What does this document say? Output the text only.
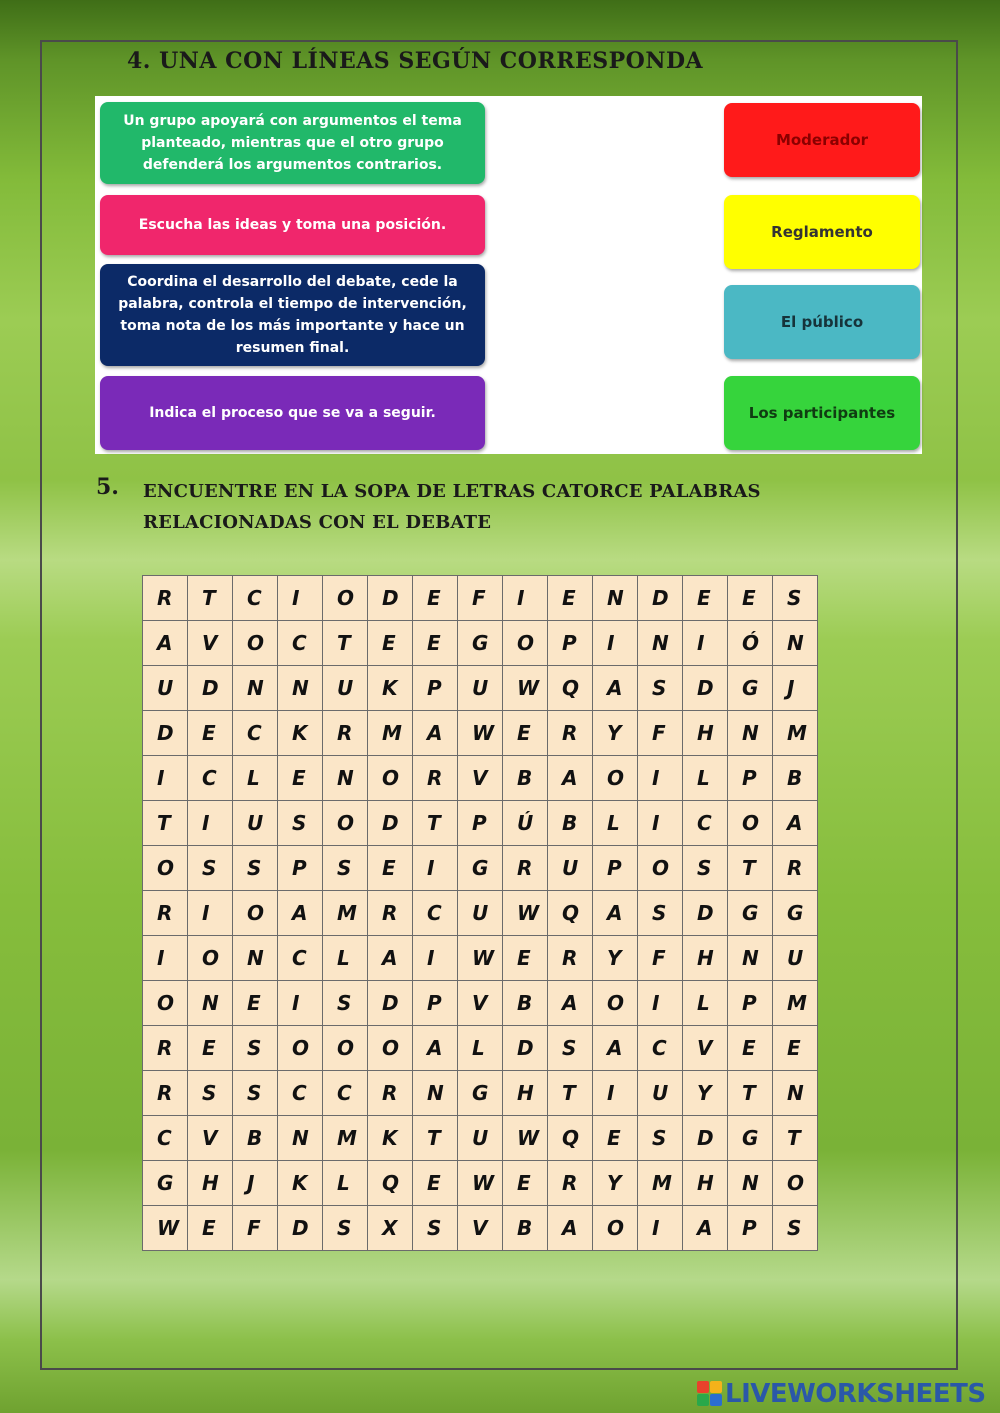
4. UNA CON LÍNEAS SEGÚN CORRESPONDA
Un grupo apoyará con argumentos el tema planteado, mientras que el otro grupo defenderá los argumentos contrarios.
Escucha las ideas y toma una posición.
Coordina el desarrollo del debate, cede la palabra, controla el tiempo de intervención, toma nota de los más importante y hace un resumen final.
Indica el proceso que se va a seguir.
Moderador
Reglamento
El público
Los participantes
5. ENCUENTRE EN LA SOPA DE LETRAS CATORCE PALABRAS RELACIONADAS CON EL DEBATE

R	T	C	I	O	D	E	F	I	E	N	D	E	E	S
A	V	O	C	T	E	E	G	O	P	I	N	I	Ó	N
U	D	N	N	U	K	P	U	W	Q	A	S	D	G	J
D	E	C	K	R	M	A	W	E	R	Y	F	H	N	M
I	C	L	E	N	O	R	V	B	A	O	I	L	P	B
T	I	U	S	O	D	T	P	Ú	B	L	I	C	O	A
O	S	S	P	S	E	I	G	R	U	P	O	S	T	R
R	I	O	A	M	R	C	U	W	Q	A	S	D	G	G
I	O	N	C	L	A	I	W	E	R	Y	F	H	N	U
O	N	E	I	S	D	P	V	B	A	O	I	L	P	M
R	E	S	O	O	O	A	L	D	S	A	C	V	E	E
R	S	S	C	C	R	N	G	H	T	I	U	Y	T	N
C	V	B	N	M	K	T	U	W	Q	E	S	D	G	T
G	H	J	K	L	Q	E	W	E	R	Y	M	H	N	O
W	E	F	D	S	X	S	V	B	A	O	I	A	P	S
LIVEWORKSHEETS
